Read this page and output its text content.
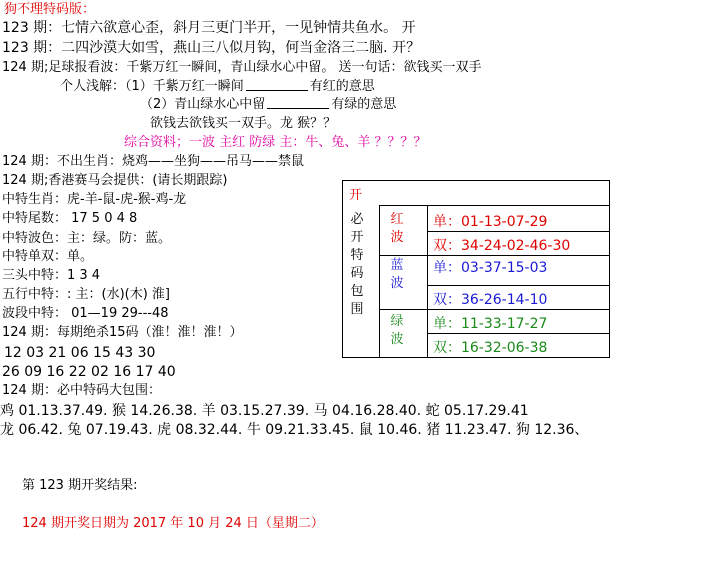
狗不理特码版：
123 期：七情六欲意心歪，斜月三更门半开，一见钟情共鱼水。 开
123 期：二四沙漠大如雪，燕山三八似月钩，何当金洛三二脑. 开？
124 期;足球报看波：千紫万红一瞬间，青山绿水心中留。 送一句话：欲钱买一双手
个人浅解：（1）千紫万红一瞬间	有红的意思
（2）青山绿水心中留	有绿的意思
欲钱去欲钱买一双手。龙 猴？？
综合资料；一波 主红 防绿 主：牛、兔、羊 ？？？？
124 期：不出生肖：烧鸡——坐狗——吊马——禁鼠
124 期;香港赛马会提供：(请长期跟踪)
中特生肖：虎-羊-鼠-虎-猴-鸡-龙
中特尾数： 17 5 0 4 8
中特波色：主：绿。防：蓝。
中特单双：单。
三头中特：1 3 4
五行中特：: 主：(水)(木) 淮]
波段中特： 01—19 29---48
124 期：每期绝杀15码（淮！淮！淮！）
12 03 21 06 15 43 30
26 09 16 22 02 16 17 40
124 期：必中特码大包围：
鸡 01.13.37.49. 猴 14.26.38. 羊 03.15.27.39. 马 04.16.28.40. 蛇 05.17.29.41
龙 06.42. 兔 07.19.43. 虎 08.32.44. 牛 09.21.33.45. 鼠 10.46. 猪 11.23.47. 狗 12.36、
第 123 期开奖结果:
124 期开奖日期为 2017 年 10 月 24 日（星期二）
开
必开特码包围
红波
蓝波
绿波
单：01-13-07-29
双：34-24-02-46-30
单：03-37-15-03
双：36-26-14-10
单：11-33-17-27
双：16-32-06-38
